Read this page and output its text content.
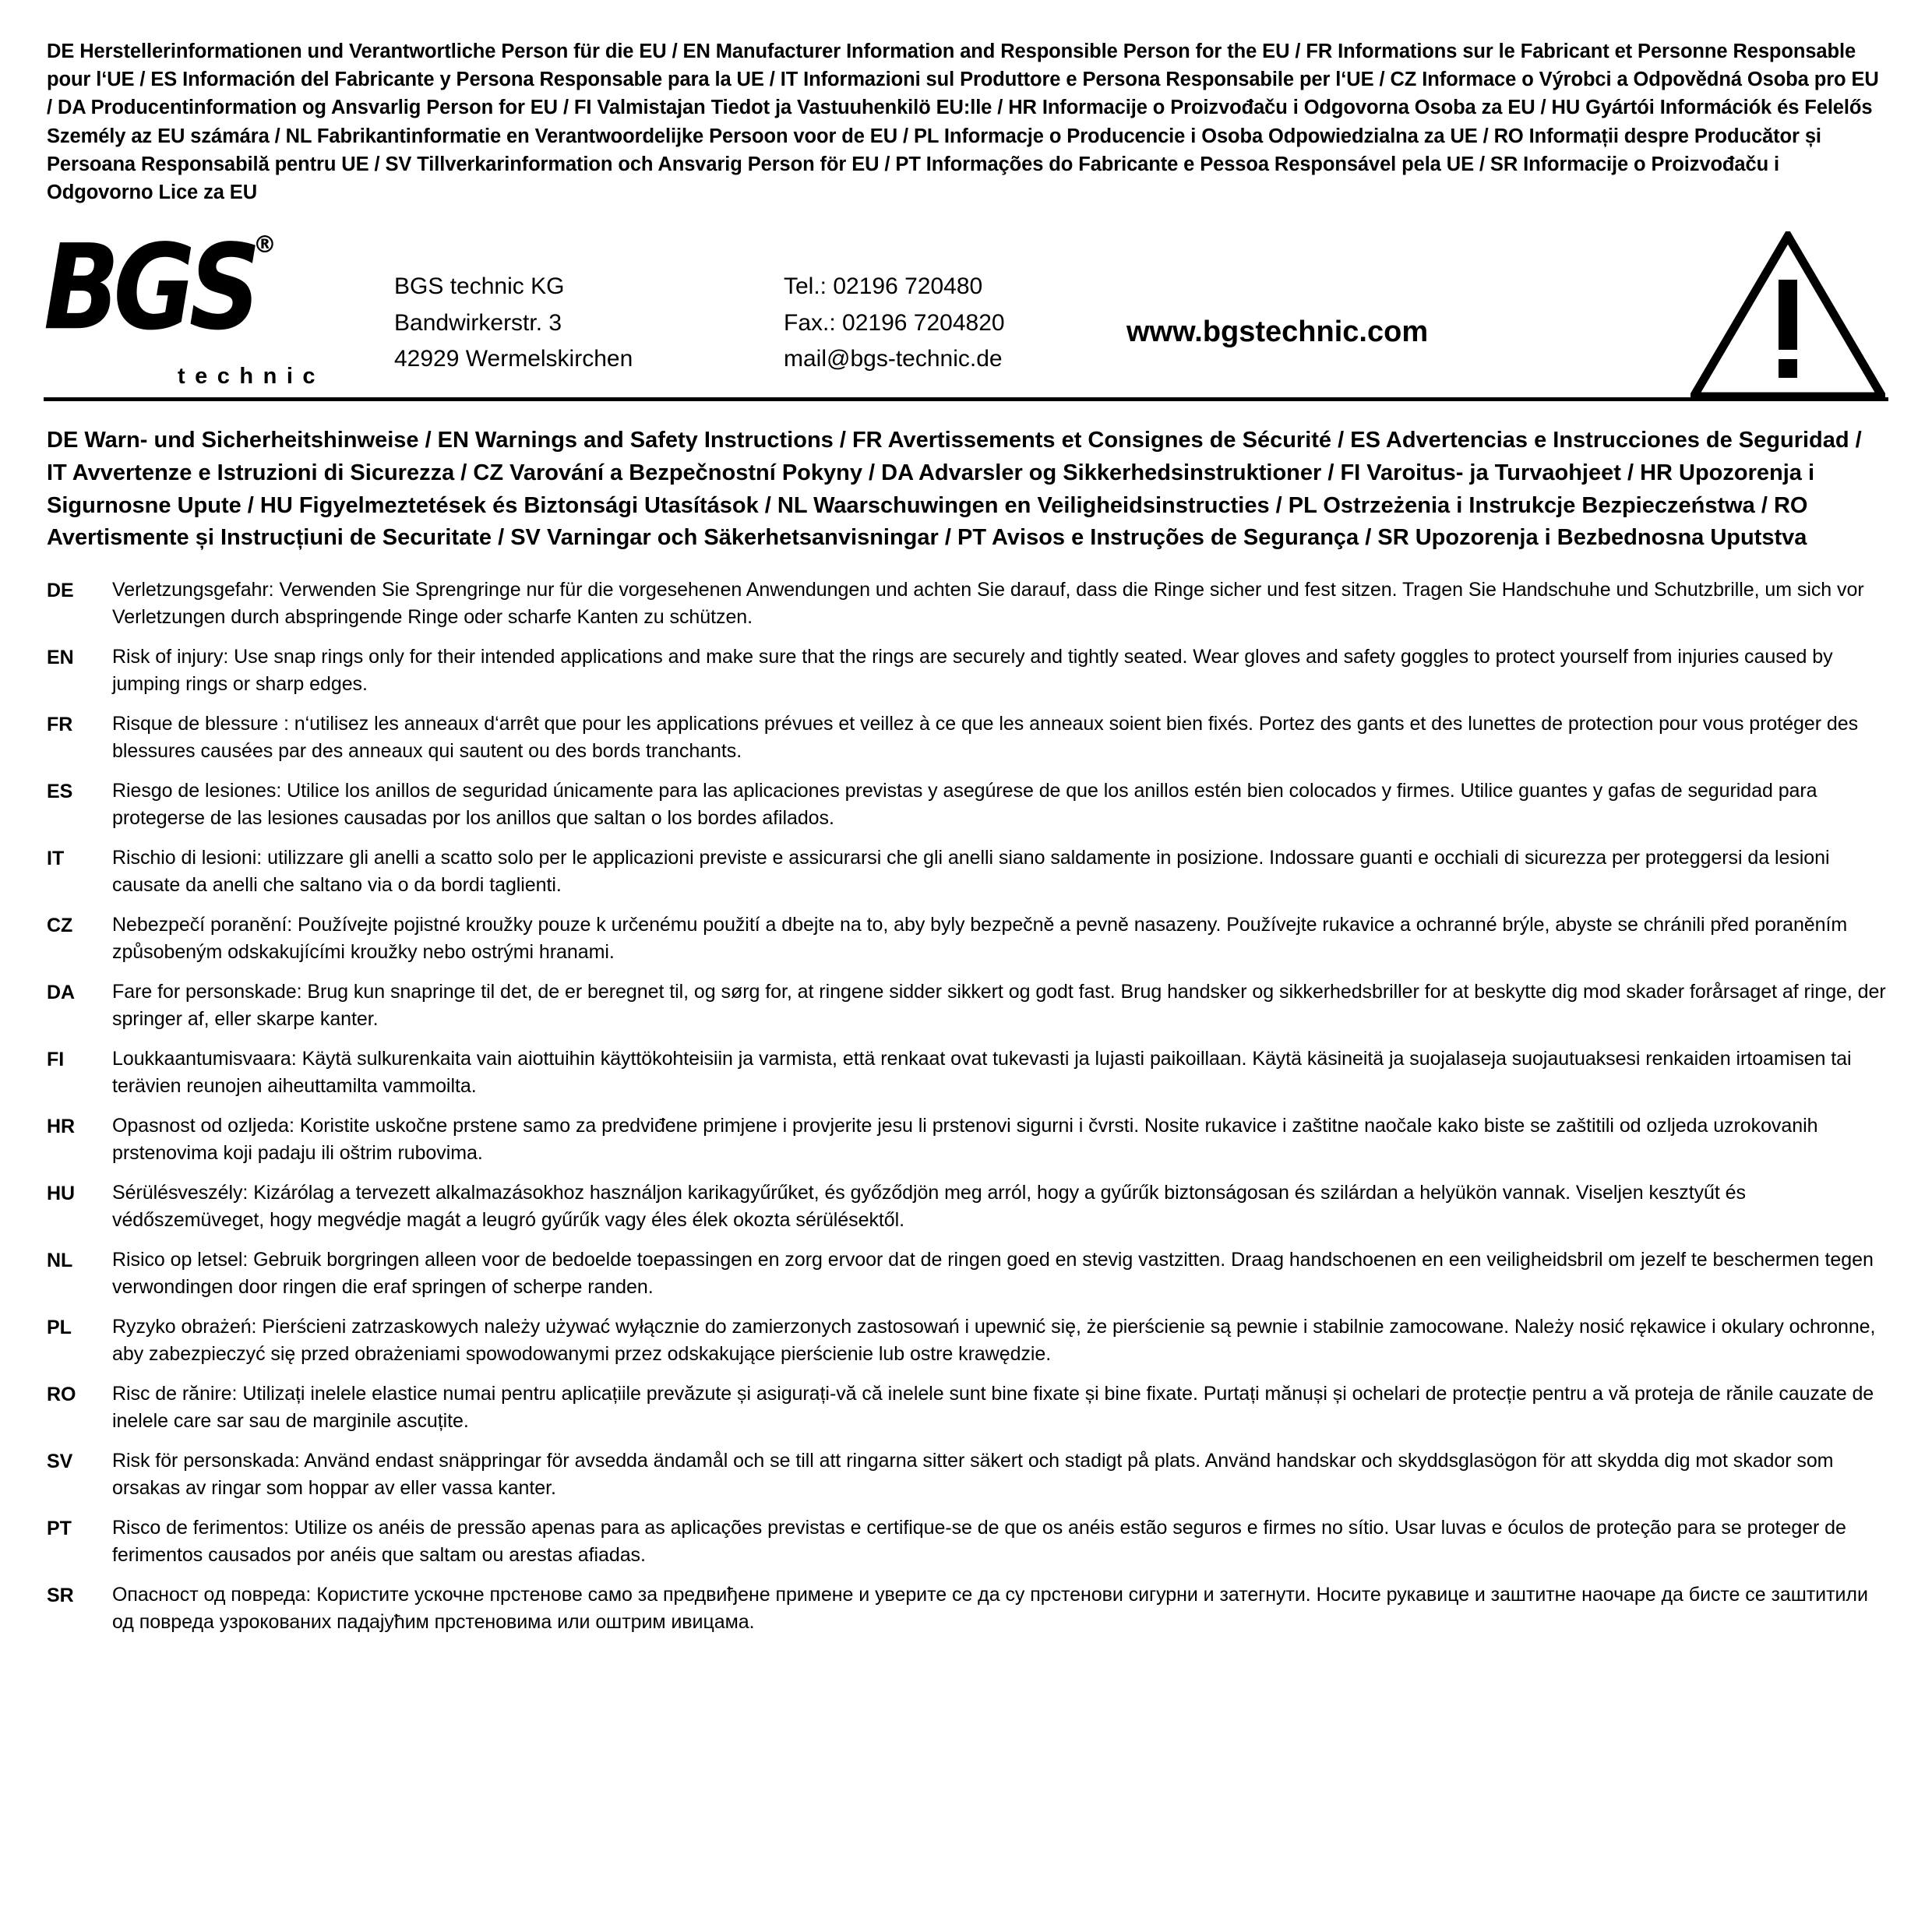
DE Herstellerinformationen und Verantwortliche Person für die EU / EN Manufacturer Information and Responsible Person for the EU / FR Informations sur le Fabricant et Personne Responsable pour l‘UE / ES Información del Fabricante y Persona Responsable para la UE / IT Informazioni sul Produttore e Persona Responsabile per l‘UE / CZ Informace o Výrobci a Odpovědná Osoba pro EU / DA Producentinformation og Ansvarlig Person for EU / FI Valmistajan Tiedot ja Vastuuhenkilö EU:lle / HR Informacije o Proizvođaču i Odgovorna Osoba za EU / HU Gyártói Információk és Felelős Személy az EU számára / NL Fabrikantinformatie en Verantwoordelijke Persoon voor de EU / PL Informacje o Producencie i Osoba Odpowiedzialna za UE / RO Informații despre Producător și Persoana Responsabilă pentru UE / SV Tillverkarinformation och Ansvarig Person för EU / PT Informações do Fabricante e Pessoa Responsável pela UE / SR Informacije o Proizvođaču i Odgovorno Lice za EU
BGS
®
technic
BGS technic KG
Bandwirkerstr. 3
42929 Wermelskirchen
Tel.: 02196 720480
Fax.: 02196 7204820
mail@bgs-technic.de
www.bgstechnic.com
DE Warn- und Sicherheitshinweise / EN Warnings and Safety Instructions / FR Avertissements et Consignes de Sécurité / ES Advertencias e Instrucciones de Seguridad / IT Avvertenze e Istruzioni di Sicurezza / CZ Varování a Bezpečnostní Pokyny / DA Advarsler og Sikkerhedsinstruktioner / FI Varoitus- ja Turvaohjeet / HR Upozorenja i Sigurnosne Upute / HU Figyelmeztetések és Biztonsági Utasítások / NL Waarschuwingen en Veiligheidsinstructies / PL Ostrzeżenia i Instrukcje Bezpieczeństwa / RO Avertismente și Instrucțiuni de Securitate / SV Varningar och Säkerhetsanvisningar / PT Avisos e Instruções de Segurança / SR Upozorenja i Bezbednosna Uputstva
DE	Verletzungsgefahr: Verwenden Sie Sprengringe nur für die vorgesehenen Anwendungen und achten Sie darauf, dass die Ringe sicher und fest sitzen. Tragen Sie Handschuhe und Schutzbrille, um sich vor Verletzungen durch abspringende Ringe oder scharfe Kanten zu schützen.
EN	Risk of injury: Use snap rings only for their intended applications and make sure that the rings are securely and tightly seated. Wear gloves and safety goggles to protect yourself from injuries caused by jumping rings or sharp edges.
FR	Risque de blessure : n‘utilisez les anneaux d‘arrêt que pour les applications prévues et veillez à ce que les anneaux soient bien fixés. Portez des gants et des lunettes de protection pour vous protéger des blessures causées par des anneaux qui sautent ou des bords tranchants.
ES	Riesgo de lesiones: Utilice los anillos de seguridad únicamente para las aplicaciones previstas y asegúrese de que los anillos estén bien colocados y firmes. Utilice guantes y gafas de seguridad para protegerse de las lesiones causadas por los anillos que saltan o los bordes afilados.
IT	Rischio di lesioni: utilizzare gli anelli a scatto solo per le applicazioni previste e assicurarsi che gli anelli siano saldamente in posizione. Indossare guanti e occhiali di sicurezza per proteggersi da lesioni causate da anelli che saltano via o da bordi taglienti.
CZ	Nebezpečí poranění: Používejte pojistné kroužky pouze k určenému použití a dbejte na to, aby byly bezpečně a pevně nasazeny. Používejte rukavice a ochranné brýle, abyste se chránili před poraněním způsobeným odskakujícími kroužky nebo ostrými hranami.
DA	Fare for personskade: Brug kun snapringe til det, de er beregnet til, og sørg for, at ringene sidder sikkert og godt fast. Brug handsker og sikkerhedsbriller for at beskytte dig mod skader forårsaget af ringe, der springer af, eller skarpe kanter.
FI	Loukkaantumisvaara: Käytä sulkurenkaita vain aiottuihin käyttökohteisiin ja varmista, että renkaat ovat tukevasti ja lujasti paikoillaan. Käytä käsineitä ja suojalaseja suojautuaksesi renkaiden irtoamisen tai terävien reunojen aiheuttamilta vammoilta.
HR	Opasnost od ozljeda: Koristite uskočne prstene samo za predviđene primjene i provjerite jesu li prstenovi sigurni i čvrsti. Nosite rukavice i zaštitne naočale kako biste se zaštitili od ozljeda uzrokovanih prstenovima koji padaju ili oštrim rubovima.
HU	Sérülésveszély: Kizárólag a tervezett alkalmazásokhoz használjon karikagyűrűket, és győződjön meg arról, hogy a gyűrűk biztonságosan és szilárdan a helyükön vannak. Viseljen kesztyűt és védőszemüveget, hogy megvédje magát a leugró gyűrűk vagy éles élek okozta sérülésektől.
NL	Risico op letsel: Gebruik borgringen alleen voor de bedoelde toepassingen en zorg ervoor dat de ringen goed en stevig vastzitten. Draag handschoenen en een veiligheidsbril om jezelf te beschermen tegen verwondingen door ringen die eraf springen of scherpe randen.
PL	Ryzyko obrażeń: Pierścieni zatrzaskowych należy używać wyłącznie do zamierzonych zastosowań i upewnić się, że pierścienie są pewnie i stabilnie zamocowane. Należy nosić rękawice i okulary ochronne, aby zabezpieczyć się przed obrażeniami spowodowanymi przez odskakujące pierścienie lub ostre krawędzie.
RO	Risc de rănire: Utilizați inelele elastice numai pentru aplicațiile prevăzute și asigurați-vă că inelele sunt bine fixate și bine fixate. Purtați mănuși și ochelari de protecție pentru a vă proteja de rănile cauzate de inelele care sar sau de marginile ascuțite.
SV	Risk för personskada: Använd endast snäppringar för avsedda ändamål och se till att ringarna sitter säkert och stadigt på plats. Använd handskar och skyddsglasögon för att skydda dig mot skador som orsakas av ringar som hoppar av eller vassa kanter.
PT	Risco de ferimentos: Utilize os anéis de pressão apenas para as aplicações previstas e certifique-se de que os anéis estão seguros e firmes no sítio. Usar luvas e óculos de proteção para se proteger de ferimentos causados por anéis que saltam ou arestas afiadas.
SR	Опасност од повреда: Користите ускочне прстенове само за предвиђене примене и уверите се да су прстенови сигурни и затегнути. Носите рукавице и заштитне наочаре да бисте се заштитили од повреда узрокованих падајућим прстеновима или оштрим ивицама.
